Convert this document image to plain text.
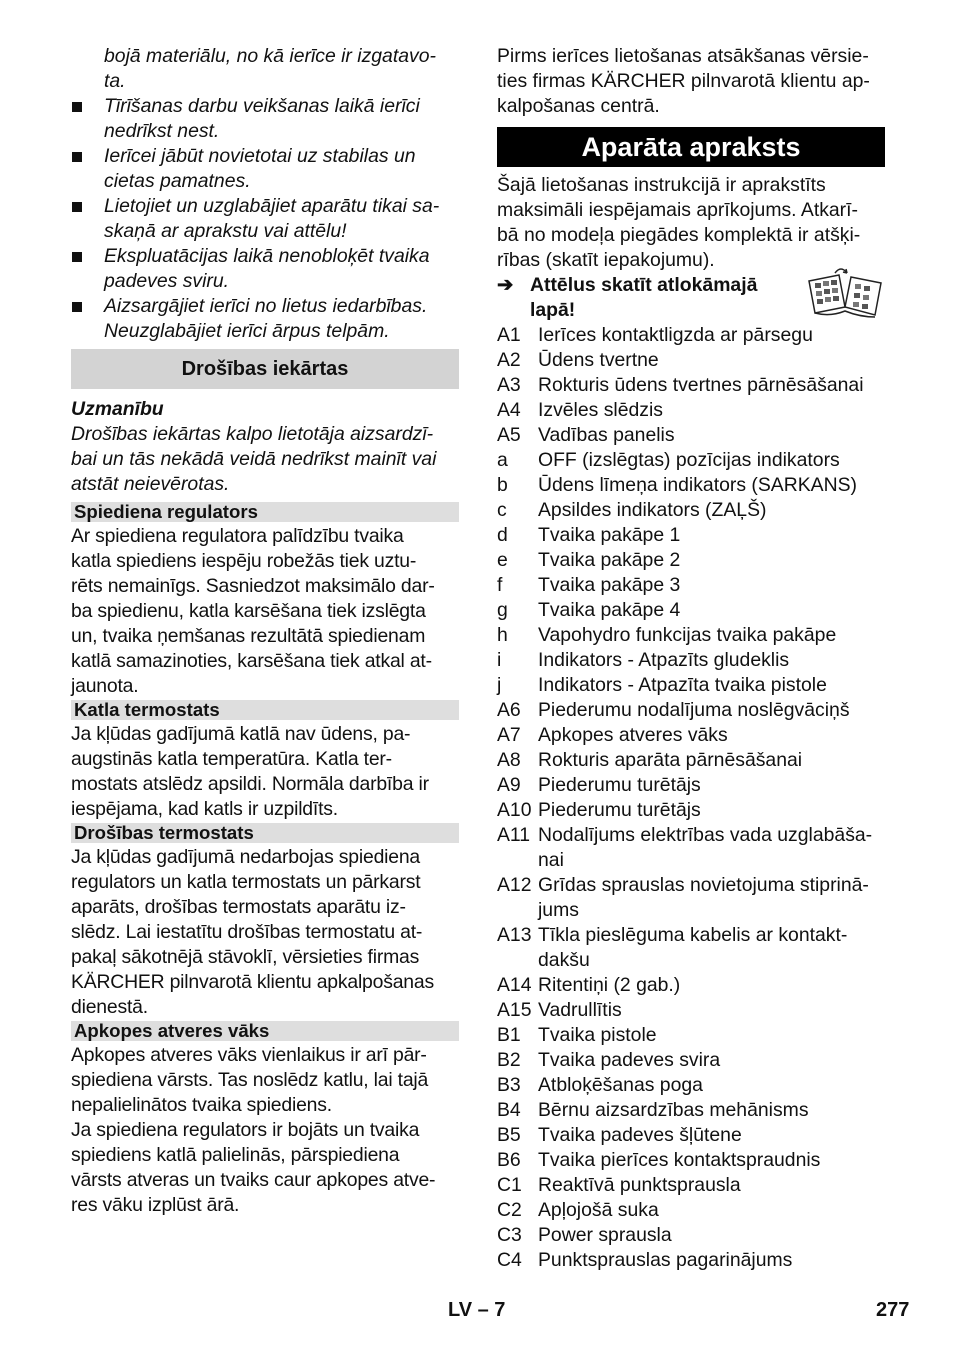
bojā materiālu, no kā ierīce ir izgatavo-
ta.
Tīrīšanas darbu veikšanas laikā ierīci
nedrīkst nest.
Ierīcei jābūt novietotai uz stabilas un
cietas pamatnes.
Lietojiet un uzglabājiet aparātu tikai sa-
skaņā ar aprakstu vai attēlu!
Ekspluatācijas laikā nenobloķēt tvaika
padeves sviru.
Aizsargājiet ierīci no lietus iedarbības.
Neuzglabājiet ierīci ārpus telpām.
Drošības iekārtas
Uzmanību
Drošības iekārtas kalpo lietotāja aizsardzī-
bai un tās nekādā veidā nedrīkst mainīt vai
atstāt neievērotas.
Spiediena regulators
Ar spiediena regulatora palīdzību tvaika
katla spiediens iespēju robežās tiek uztu-
rēts nemainīgs. Sasniedzot maksimālo dar-
ba spiedienu, katla karsēšana tiek izslēgta
un, tvaika ņemšanas rezultātā spiedienam
katlā samazinoties, karsēšana tiek atkal at-
jaunota.
Katla termostats
Ja kļūdas gadījumā katlā nav ūdens, pa-
augstinās katla temperatūra. Katla ter-
mostats atslēdz apsildi. Normāla darbība ir
iespējama, kad katls ir uzpildīts.
Drošības termostats
Ja kļūdas gadījumā nedarbojas spiediena
regulators un katla termostats un pārkarst
aparāts, drošības termostats aparātu iz-
slēdz. Lai iestatītu drošības termostatu at-
pakaļ sākotnējā stāvoklī, vērsieties firmas
KÄRCHER pilnvarotā klientu apkalpošanas
dienestā.
Apkopes atveres vāks
Apkopes atveres vāks vienlaikus ir arī pār-
spiediena vārsts. Tas noslēdz katlu, lai tajā
nepalielinātos tvaika spiediens.
Ja spiediena regulators ir bojāts un tvaika
spiediens katlā palielinās, pārspiediena
vārsts atveras un tvaiks caur apkopes atve-
res vāku izplūst ārā.
Pirms ierīces lietošanas atsākšanas vērsie-
ties firmas KÄRCHER pilnvarotā klientu ap-
kalpošanas centrā.
Aparāta apraksts
Šajā lietošanas instrukcijā ir aprakstīts
maksimāli iespējamais aprīkojums. Atkarī-
bā no modeļa piegādes komplektā ir atšķi-
rības (skatīt iepakojumu).
➔ Attēlus skatīt atlokāmajā
lapā!
A1 Ierīces kontaktligzda ar pārsegu
A2 Ūdens tvertne
A3 Rokturis ūdens tvertnes pārnēsāšanai
A4 Izvēles slēdzis
A5 Vadības panelis
a OFF (izslēgtas) pozīcijas indikators
b Ūdens līmeņa indikators (SARKANS)
c Apsildes indikators (ZAĻŠ)
d Tvaika pakāpe 1
e Tvaika pakāpe 2
f Tvaika pakāpe 3
g Tvaika pakāpe 4
h Vapohydro funkcijas tvaika pakāpe
i Indikators - Atpazīts gludeklis
j Indikators - Atpazīta tvaika pistole
A6 Piederumu nodalījuma noslēgvāciņš
A7 Apkopes atveres vāks
A8 Rokturis aparāta pārnēsāšanai
A9 Piederumu turētājs
A10 Piederumu turētājs
A11 Nodalījums elektrības vada uzglabāša-
nai
A12 Grīdas sprauslas novietojuma stiprinā-
jums
A13 Tīkla pieslēguma kabelis ar kontakt-
dakšu
A14 Ritentiņi (2 gab.)
A15 Vadrullītis
B1 Tvaika pistole
B2 Tvaika padeves svira
B3 Atbloķēšanas poga
B4 Bērnu aizsardzības mehānisms
B5 Tvaika padeves šļūtene
B6 Tvaika pierīces kontaktspraudnis
C1 Reaktīvā punktsprausla
C2 Apļojošā suka
C3 Power sprausla
C4 Punktsprauslas pagarinājums
LV – 7	277
